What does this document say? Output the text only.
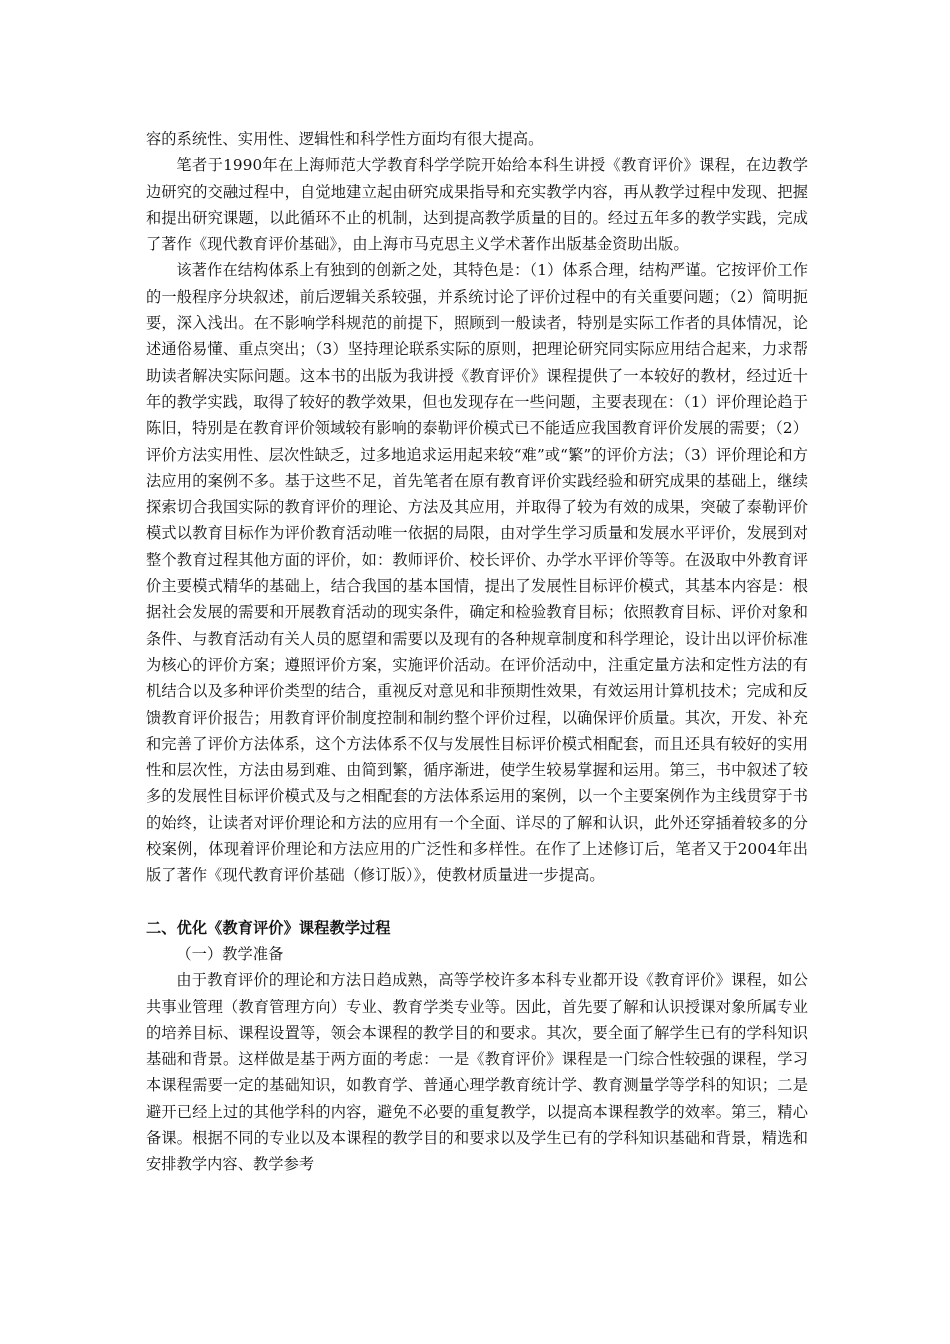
容的系统性、实用性、逻辑性和科学性方面均有很大提高。

笔者于1990年在上海师范大学教育科学学院开始给本科生讲授《教育评价》课程，在边教学边研究的交融过程中，自觉地建立起由研究成果指导和充实教学内容，再从教学过程中发现、把握和提出研究课题，以此循环不止的机制，达到提高教学质量的目的。经过五年多的教学实践，完成了著作《现代教育评价基础》，由上海市马克思主义学术著作出版基金资助出版。

该著作在结构体系上有独到的创新之处，其特色是：（1）体系合理，结构严谨。它按评价工作的一般程序分块叙述，前后逻辑关系较强，并系统讨论了评价过程中的有关重要问题；（2）简明扼要，深入浅出。在不影响学科规范的前提下，照顾到一般读者，特别是实际工作者的具体情况，论述通俗易懂、重点突出；（3）坚持理论联系实际的原则，把理论研究同实际应用结合起来，力求帮助读者解决实际问题。这本书的出版为我讲授《教育评价》课程提供了一本较好的教材，经过近十年的教学实践，取得了较好的教学效果，但也发现存在一些问题，主要表现在：（1）评价理论趋于陈旧，特别是在教育评价领域较有影响的泰勒评价模式已不能适应我国教育评价发展的需要；（2）评价方法实用性、层次性缺乏，过多地追求运用起来较“难”或“繁”的评价方法；（3）评价理论和方法应用的案例不多。基于这些不足，首先笔者在原有教育评价实践经验和研究成果的基础上，继续探索切合我国实际的教育评价的理论、方法及其应用，并取得了较为有效的成果，突破了泰勒评价模式以教育目标作为评价教育活动唯一依据的局限，由对学生学习质量和发展水平评价，发展到对整个教育过程其他方面的评价，如：教师评价、校长评价、办学水平评价等等。在汲取中外教育评价主要模式精华的基础上，结合我国的基本国情，提出了发展性目标评价模式，其基本内容是：根据社会发展的需要和开展教育活动的现实条件，确定和检验教育目标；依照教育目标、评价对象和条件、与教育活动有关人员的愿望和需要以及现有的各种规章制度和科学理论，设计出以评价标准为核心的评价方案；遵照评价方案，实施评价活动。在评价活动中，注重定量方法和定性方法的有机结合以及多种评价类型的结合，重视反对意见和非预期性效果，有效运用计算机技术；完成和反馈教育评价报告；用教育评价制度控制和制约整个评价过程，以确保评价质量。其次，开发、补充和完善了评价方法体系，这个方法体系不仅与发展性目标评价模式相配套，而且还具有较好的实用性和层次性，方法由易到难、由简到繁，循序渐进，使学生较易掌握和运用。第三，书中叙述了较多的发展性目标评价模式及与之相配套的方法体系运用的案例，以一个主要案例作为主线贯穿于书的始终，让读者对评价理论和方法的应用有一个全面、详尽的了解和认识，此外还穿插着较多的分校案例，体现着评价理论和方法应用的广泛性和多样性。在作了上述修订后，笔者又于2004年出版了著作《现代教育评价基础（修订版）》，使教材质量进一步提高。

二、优化《教育评价》课程教学过程

（一）教学准备

由于教育评价的理论和方法日趋成熟，高等学校许多本科专业都开设《教育评价》课程，如公共事业管理（教育管理方向）专业、教育学类专业等。因此，首先要了解和认识授课对象所属专业的培养目标、课程设置等，领会本课程的教学目的和要求。其次，要全面了解学生已有的学科知识基础和背景。这样做是基于两方面的考虑：一是《教育评价》课程是一门综合性较强的课程，学习本课程需要一定的基础知识，如教育学、普通心理学教育统计学、教育测量学等学科的知识；二是避开已经上过的其他学科的内容，避免不必要的重复教学，以提高本课程教学的效率。第三，精心备课。根据不同的专业以及本课程的教学目的和要求以及学生已有的学科知识基础和背景，精选和安排教学内容、教学参考
